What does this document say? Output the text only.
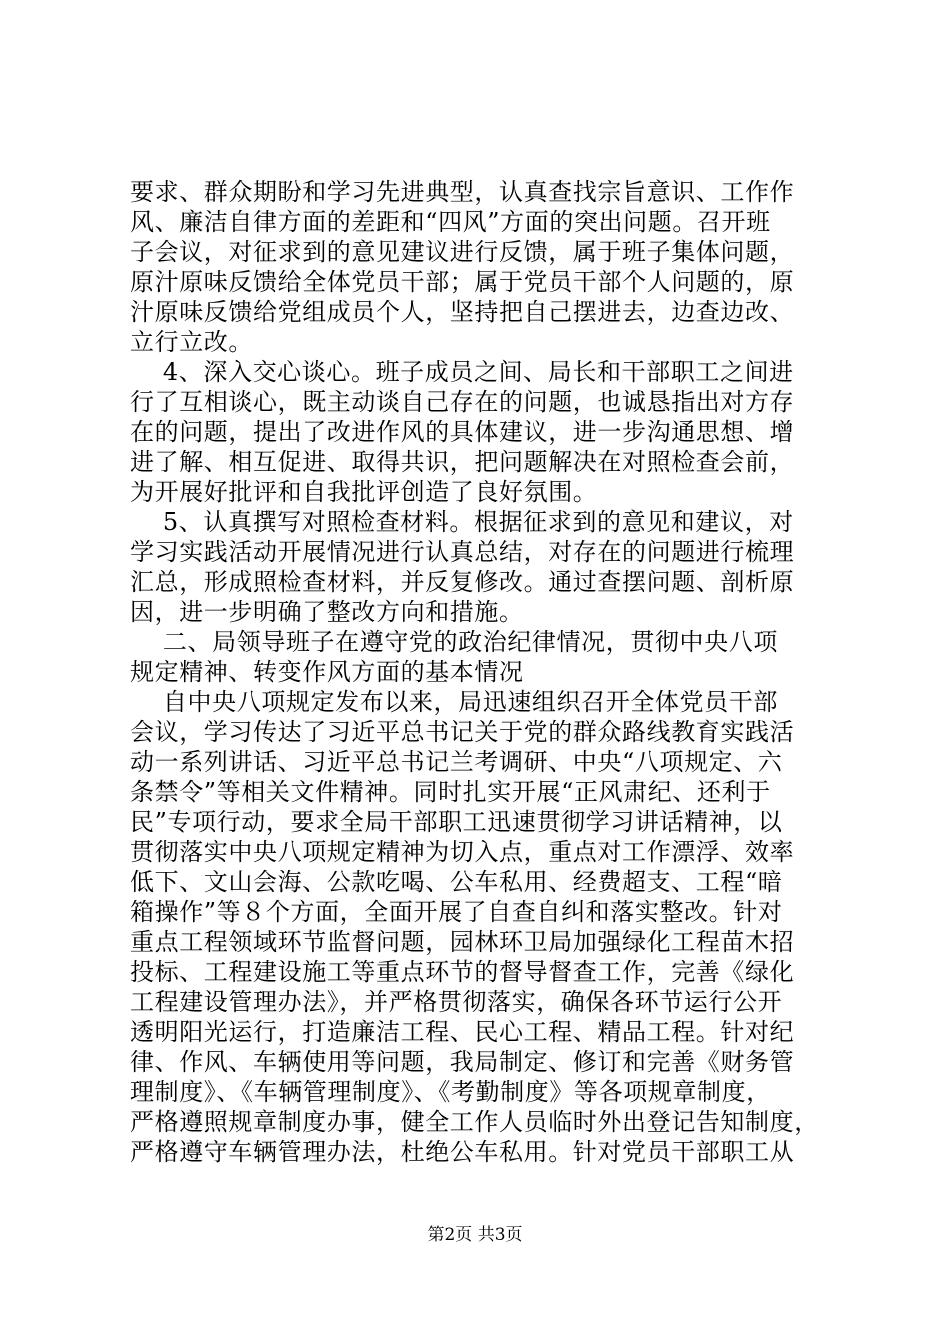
要求、群众期盼和学习先进典型，认真查找宗旨意识、工作作
风、廉洁自律方面的差距和“四风”方面的突出问题。召开班
子会议，对征求到的意见建议进行反馈，属于班子集体问题，
原汁原味反馈给全体党员干部；属于党员干部个人问题的，原
汁原味反馈给党组成员个人，坚持把自己摆进去，边查边改、
立行立改。
4、深入交心谈心。班子成员之间、局长和干部职工之间进
行了互相谈心，既主动谈自己存在的问题，也诚恳指出对方存
在的问题，提出了改进作风的具体建议，进一步沟通思想、增
进了解、相互促进、取得共识，把问题解决在对照检查会前，
为开展好批评和自我批评创造了良好氛围。
5、认真撰写对照检查材料。根据征求到的意见和建议，对
学习实践活动开展情况进行认真总结，对存在的问题进行梳理
汇总，形成照检查材料，并反复修改。通过查摆问题、剖析原
因，进一步明确了整改方向和措施。
二、局领导班子在遵守党的政治纪律情况，贯彻中央八项
规定精神、转变作风方面的基本情况
自中央八项规定发布以来，局迅速组织召开全体党员干部
会议，学习传达了习近平总书记关于党的群众路线教育实践活
动一系列讲话、习近平总书记兰考调研、中央“八项规定、六
条禁令”等相关文件精神。同时扎实开展“正风肃纪、还利于
民”专项行动，要求全局干部职工迅速贯彻学习讲话精神，以
贯彻落实中央八项规定精神为切入点，重点对工作漂浮、效率
低下、文山会海、公款吃喝、公车私用、经费超支、工程“暗
箱操作”等８个方面，全面开展了自查自纠和落实整改。针对
重点工程领域环节监督问题，园林环卫局加强绿化工程苗木招
投标、工程建设施工等重点环节的督导督查工作，完善《绿化
工程建设管理办法》，并严格贯彻落实，确保各环节运行公开
透明阳光运行，打造廉洁工程、民心工程、精品工程。针对纪
律、作风、车辆使用等问题，我局制定、修订和完善《财务管
理制度》、《车辆管理制度》、《考勤制度》等各项规章制度，
严格遵照规章制度办事，健全工作人员临时外出登记告知制度，
严格遵守车辆管理办法，杜绝公车私用。针对党员干部职工从
第2页 共3页
